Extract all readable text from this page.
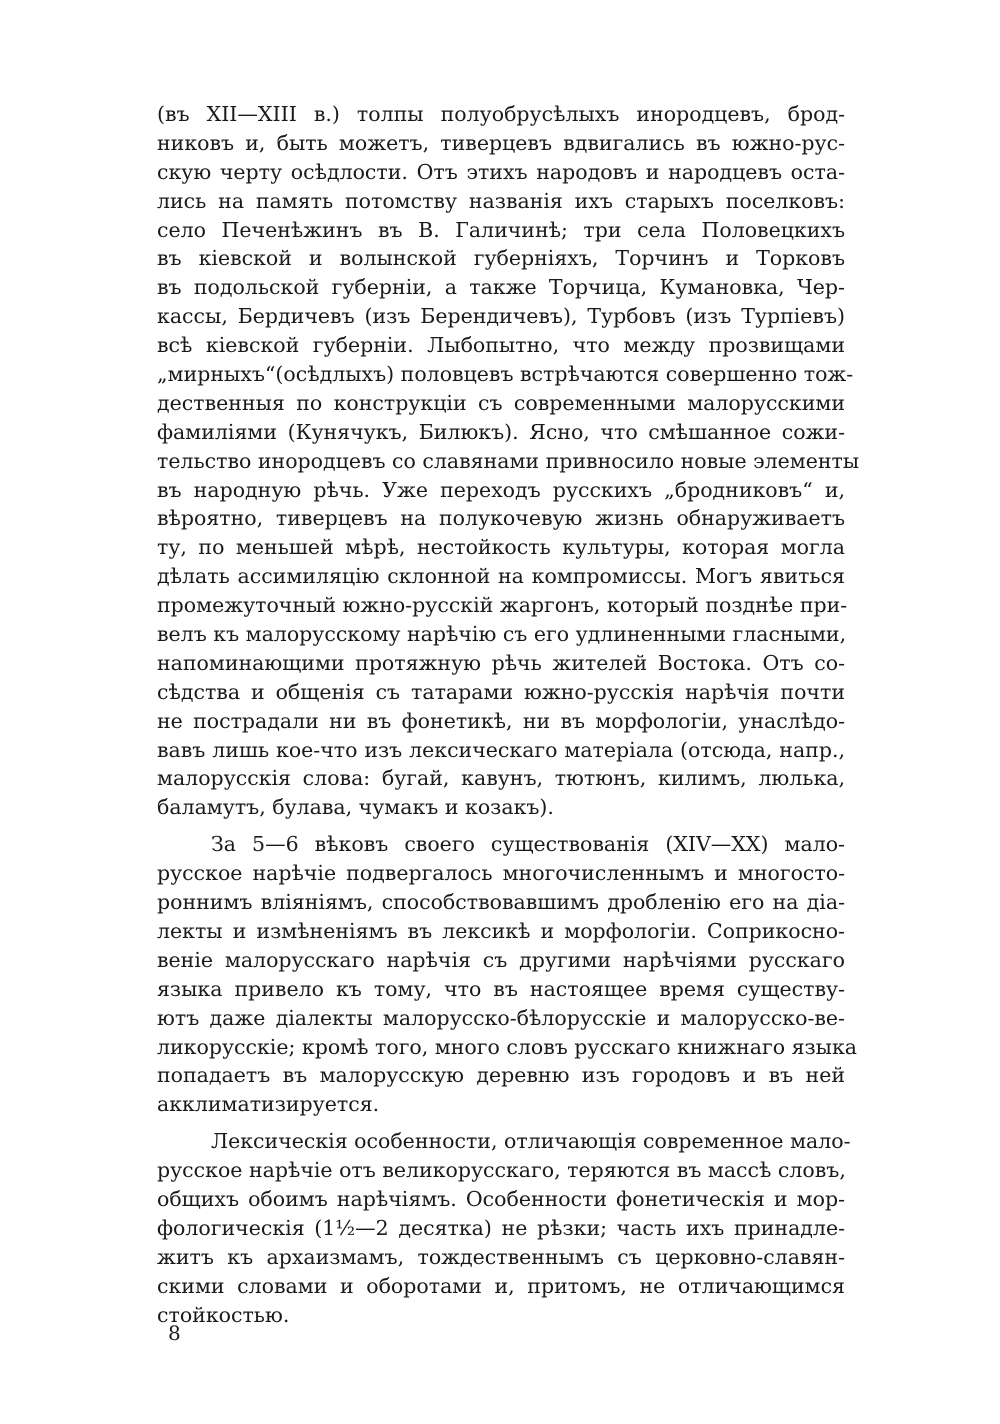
(въ XII—XIII в.) толпы полуобрусѣлыхъ инородцевъ, брод-
никовъ и, быть можетъ, тиверцевъ вдвигались въ южно-рус-
скую черту осѣдлости. Отъ этихъ народовъ и народцевъ оста-
лись на память потомству названія ихъ старыхъ поселковъ:
село Печенѣжинъ въ В. Галичинѣ; три села Половецкихъ
въ кіевской и волынской губерніяхъ, Торчинъ и Торковъ
въ подольской губерніи, а также Торчица, Кумановка, Чер-
кассы, Бердичевъ (изъ Берендичевъ), Турбовъ (изъ Турпіевъ)
всѣ кіевской губерніи. Лыбопытно, что между прозвищами
„мирныхъ“(осѣдлыхъ) половцевъ встрѣчаются совершенно тож-
дественныя по конструкціи съ современными малорусскими
фамиліями (Кунячукъ, Билюкъ). Ясно, что смѣшанное сожи-
тельство инородцевъ со славянами привносило новые элементы
въ народную рѣчь. Уже переходъ русскихъ „бродниковъ“ и,
вѣроятно, тиверцевъ на полукочевую жизнь обнаруживаетъ
ту, по меньшей мѣрѣ, нестойкость культуры, которая могла
дѣлать ассимиляцію склонной на компромиссы. Могъ явиться
промежуточный южно-русскій жаргонъ, который позднѣе при-
велъ къ малорусскому нарѣчію съ его удлиненными гласными,
напоминающими протяжную рѣчь жителей Востока. Отъ со-
сѣдства и общенія съ татарами южно-русскія нарѣчія почти
не пострадали ни въ фонетикѣ, ни въ морфологіи, унаслѣдо-
вавъ лишь кое-что изъ лексическаго матеріала (отсюда, напр.,
малорусскія слова: бугай, кавунъ, тютюнъ, килимъ, люлька,
баламутъ, булава, чумакъ и козакъ).
За 5—6 вѣковъ своего существованія (XIV—XX) мало-
русское нарѣчіе подвергалось многочисленнымъ и многосто-
роннимъ вліяніямъ, способствовавшимъ дробленію его на діа-
лекты и измѣненіямъ въ лексикѣ и морфологіи. Соприкосно-
веніе малорусскаго нарѣчія съ другими нарѣчіями русскаго
языка привело къ тому, что въ настоящее время существу-
ютъ даже діалекты малорусско-бѣлорусскіе и малорусско-ве-
ликорусскіе; кромѣ того, много словъ русскаго книжнаго языка
попадаетъ въ малорусскую деревню изъ городовъ и въ ней
акклиматизируется.
Лексическія особенности, отличающія современное мало-
русское нарѣчіе отъ великорусскаго, теряются въ массѣ словъ,
общихъ обоимъ нарѣчіямъ. Особенности фонетическія и мор-
фологическія (1½—2 десятка) не рѣзки; часть ихъ принадле-
житъ къ архаизмамъ, тождественнымъ съ церковно-славян-
скими словами и оборотами и, притомъ, не отличающимся
стойкостью.
8
